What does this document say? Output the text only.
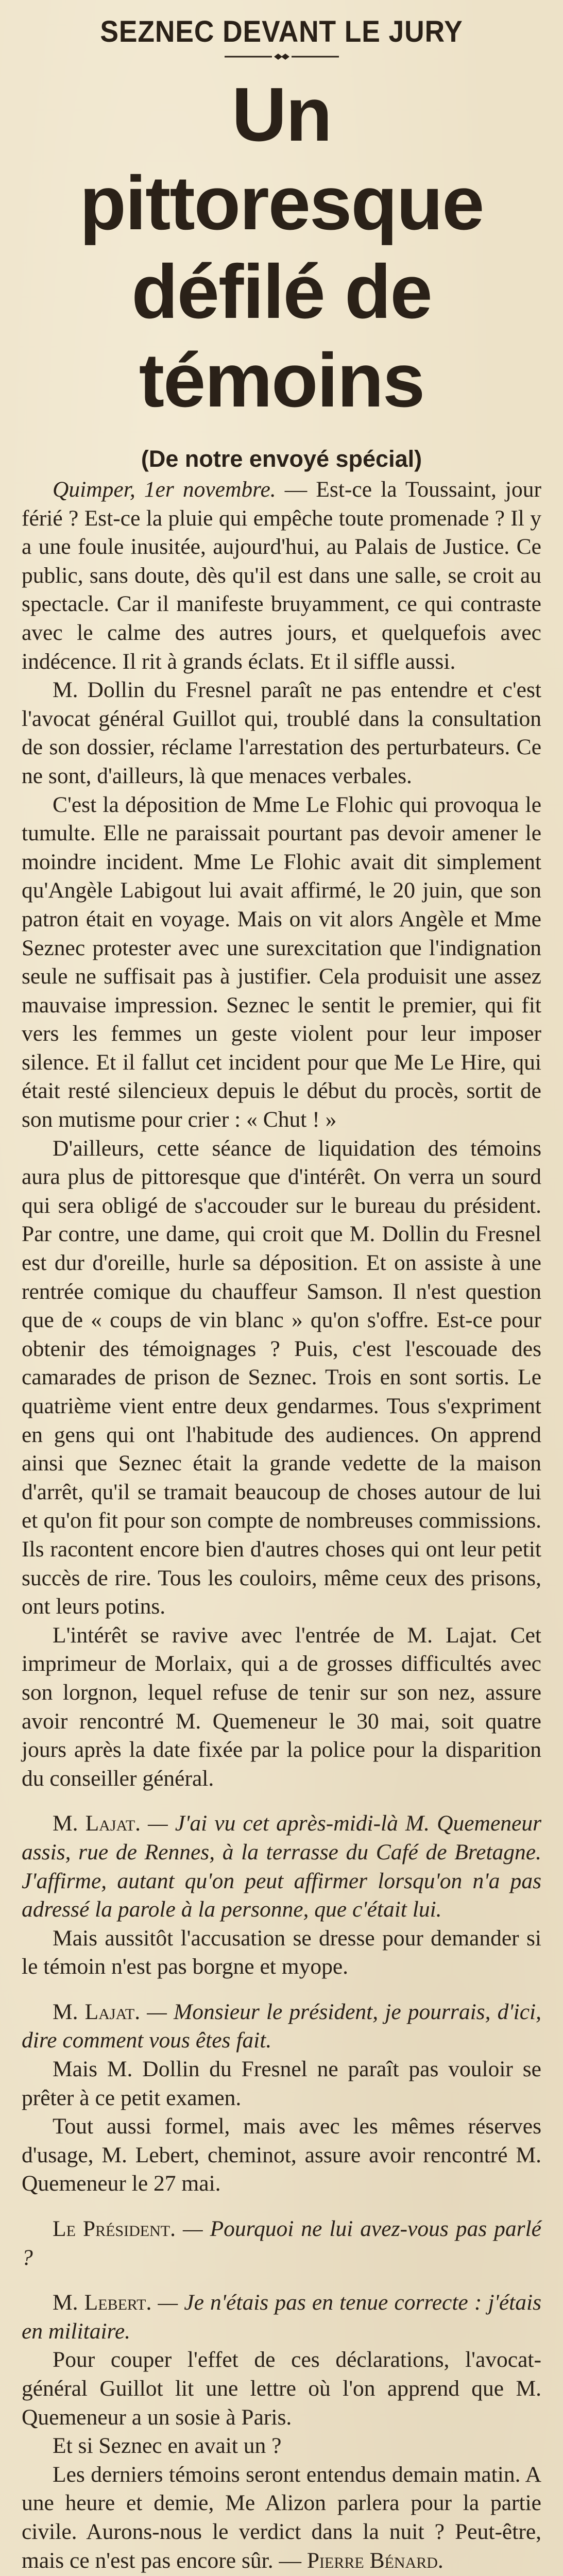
SEZNEC DEVANT LE JURY
Un pittoresque
défilé de témoins
(De notre envoyé spécial)

Quimper, 1er novembre. — Est-ce la Toussaint, jour férié ? Est-ce la pluie qui empêche toute promenade ? Il y a une foule inusitée, aujourd'hui, au Palais de Justice. Ce public, sans doute, dès qu'il est dans une salle, se croit au spectacle. Car il manifeste bruyamment, ce qui contraste avec le calme des autres jours, et quelquefois avec indécence. Il rit à grands éclats. Et il siffle aussi.

M. Dollin du Fresnel paraît ne pas entendre et c'est l'avocat général Guillot qui, troublé dans la consultation de son dossier, réclame l'arrestation des perturbateurs. Ce ne sont, d'ailleurs, là que menaces verbales.

C'est la déposition de Mme Le Flohic qui provoqua le tumulte. Elle ne paraissait pourtant pas devoir amener le moindre incident. Mme Le Flohic avait dit simplement qu'Angèle Labigout lui avait affirmé, le 20 juin, que son patron était en voyage. Mais on vit alors Angèle et Mme Seznec protester avec une surexcitation que l'indignation seule ne suffisait pas à justifier. Cela produisit une assez mauvaise impression. Seznec le sentit le premier, qui fit vers les femmes un geste violent pour leur imposer silence. Et il fallut cet incident pour que Me Le Hire, qui était resté silencieux depuis le début du procès, sortit de son mutisme pour crier : « Chut ! »

D'ailleurs, cette séance de liquidation des témoins aura plus de pittoresque que d'intérêt. On verra un sourd qui sera obligé de s'accouder sur le bureau du président. Par contre, une dame, qui croit que M. Dollin du Fresnel est dur d'oreille, hurle sa déposition. Et on assiste à une rentrée comique du chauffeur Samson. Il n'est question que de « coups de vin blanc » qu'on s'offre. Est-ce pour obtenir des témoignages ? Puis, c'est l'escouade des camarades de prison de Seznec. Trois en sont sortis. Le quatrième vient entre deux gendarmes. Tous s'expriment en gens qui ont l'habitude des audiences. On apprend ainsi que Seznec était la grande vedette de la maison d'arrêt, qu'il se tramait beaucoup de choses autour de lui et qu'on fit pour son compte de nombreuses commissions. Ils racontent encore bien d'autres choses qui ont leur petit succès de rire. Tous les couloirs, même ceux des prisons, ont leurs potins.

L'intérêt se ravive avec l'entrée de M. Lajat. Cet imprimeur de Morlaix, qui a de grosses difficultés avec son lorgnon, lequel refuse de tenir sur son nez, assure avoir rencontré M. Quemeneur le 30 mai, soit quatre jours après la date fixée par la police pour la disparition du conseiller général.

M. Lajat. — J'ai vu cet après-midi-là M. Quemeneur assis, rue de Rennes, à la terrasse du Café de Bretagne. J'affirme, autant qu'on peut affirmer lorsqu'on n'a pas adressé la parole à la personne, que c'était lui.

Mais aussitôt l'accusation se dresse pour demander si le témoin n'est pas borgne et myope.

M. Lajat. — Monsieur le président, je pourrais, d'ici, dire comment vous êtes fait.

Mais M. Dollin du Fresnel ne paraît pas vouloir se prêter à ce petit examen.

Tout aussi formel, mais avec les mêmes réserves d'usage, M. Lebert, cheminot, assure avoir rencontré M. Quemeneur le 27 mai.

Le Président. — Pourquoi ne lui avez-vous pas parlé ?

M. Lebert. — Je n'étais pas en tenue correcte : j'étais en militaire.

Pour couper l'effet de ces déclarations, l'avocat-général Guillot lit une lettre où l'on apprend que M. Quemeneur a un sosie à Paris.

Et si Seznec en avait un ?

Les derniers témoins seront entendus demain matin. A une heure et demie, Me Alizon parlera pour la partie civile. Aurons-nous le verdict dans la nuit ? Peut-être, mais ce n'est pas encore sûr. — Pierre Bénard.
